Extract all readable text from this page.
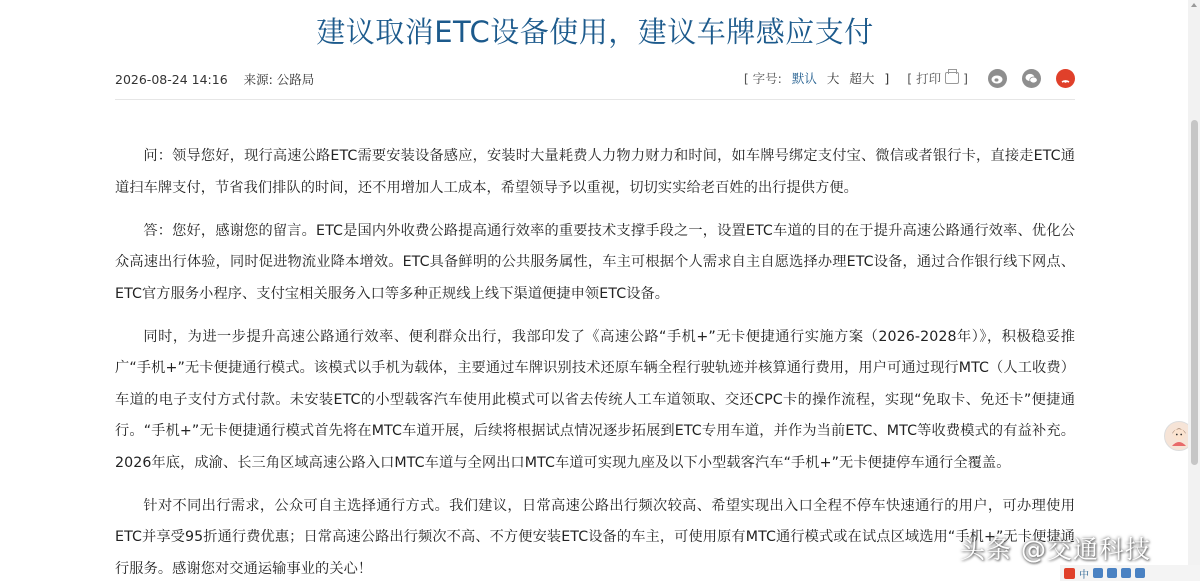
建议取消ETC设备使用，建议车牌感应支付
2026-08-24 14:16 来源: 公路局	[ 字号: 默认 大 超大 ] [ 打印 ]

问：领导您好，现行高速公路ETC需要安装设备感应，安装时大量耗费人力物力财力和时间，如车牌号绑定支付宝、微信或者银行卡，直接走ETC通道扫车牌支付，节省我们排队的时间，还不用增加人工成本，希望领导予以重视，切切实实给老百姓的出行提供方便。

答：您好，感谢您的留言。ETC是国内外收费公路提高通行效率的重要技术支撑手段之一，设置ETC车道的目的在于提升高速公路通行效率、优化公众高速出行体验，同时促进物流业降本增效。ETC具备鲜明的公共服务属性，车主可根据个人需求自主自愿选择办理ETC设备，通过合作银行线下网点、ETC官方服务小程序、支付宝相关服务入口等多种正规线上线下渠道便捷申领ETC设备。

同时，为进一步提升高速公路通行效率、便利群众出行，我部印发了《高速公路“手机+”无卡便捷通行实施方案（2026-2028年）》，积极稳妥推广“手机+”无卡便捷通行模式。该模式以手机为载体，主要通过车牌识别技术还原车辆全程行驶轨迹并核算通行费用，用户可通过现行MTC（人工收费）车道的电子支付方式付款。未安装ETC的小型载客汽车使用此模式可以省去传统人工车道领取、交还CPC卡的操作流程，实现“免取卡、免还卡”便捷通行。“手机+”无卡便捷通行模式首先将在MTC车道开展，后续将根据试点情况逐步拓展到ETC专用车道，并作为当前ETC、MTC等收费模式的有益补充。2026年底，成渝、长三角区域高速公路入口MTC车道与全网出口MTC车道可实现九座及以下小型载客汽车“手机+”无卡便捷停车通行全覆盖。

针对不同出行需求，公众可自主选择通行方式。我们建议，日常高速公路出行频次较高、希望实现出入口全程不停车快速通行的用户，可办理使用ETC并享受95折通行费优惠；日常高速公路出行频次不高、不方便安装ETC设备的车主，可使用原有MTC通行模式或在试点区域选用“手机+”无卡便捷通行服务。感谢您对交通运输事业的关心！

头条 @交通科技
中
